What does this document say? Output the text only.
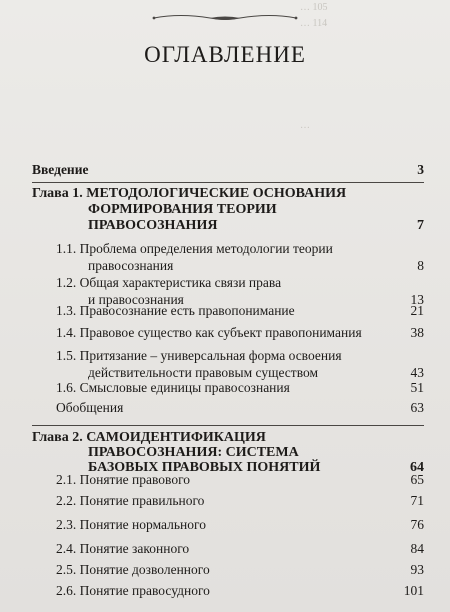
… 105
… 114
…
ОГЛАВЛЕНИЕ
Введение	3
Глава 1. МЕТОДОЛОГИЧЕСКИЕ ОСНОВАНИЯ
ФОРМИРОВАНИЯ ТЕОРИИ
ПРАВОСОЗНАНИЯ	7
1.1. Проблема определения методологии теории
правосознания	8
1.2. Общая характеристика связи права
и правосознания	13
1.3. Правосознание есть правопонимание	21
1.4. Правовое существо как субъект правопонимания	38
1.5. Притязание – универсальная форма освоения
действительности правовым существом	43
1.6. Смысловые единицы правосознания	51
Обобщения	63
Глава 2. САМОИДЕНТИФИКАЦИЯ
ПРАВОСОЗНАНИЯ: СИСТЕМА
БАЗОВЫХ ПРАВОВЫХ ПОНЯТИЙ	64
2.1. Понятие правового	65
2.2. Понятие правильного	71
2.3. Понятие нормального	76
2.4. Понятие законного	84
2.5. Понятие дозволенного	93
2.6. Понятие правосудного	101
